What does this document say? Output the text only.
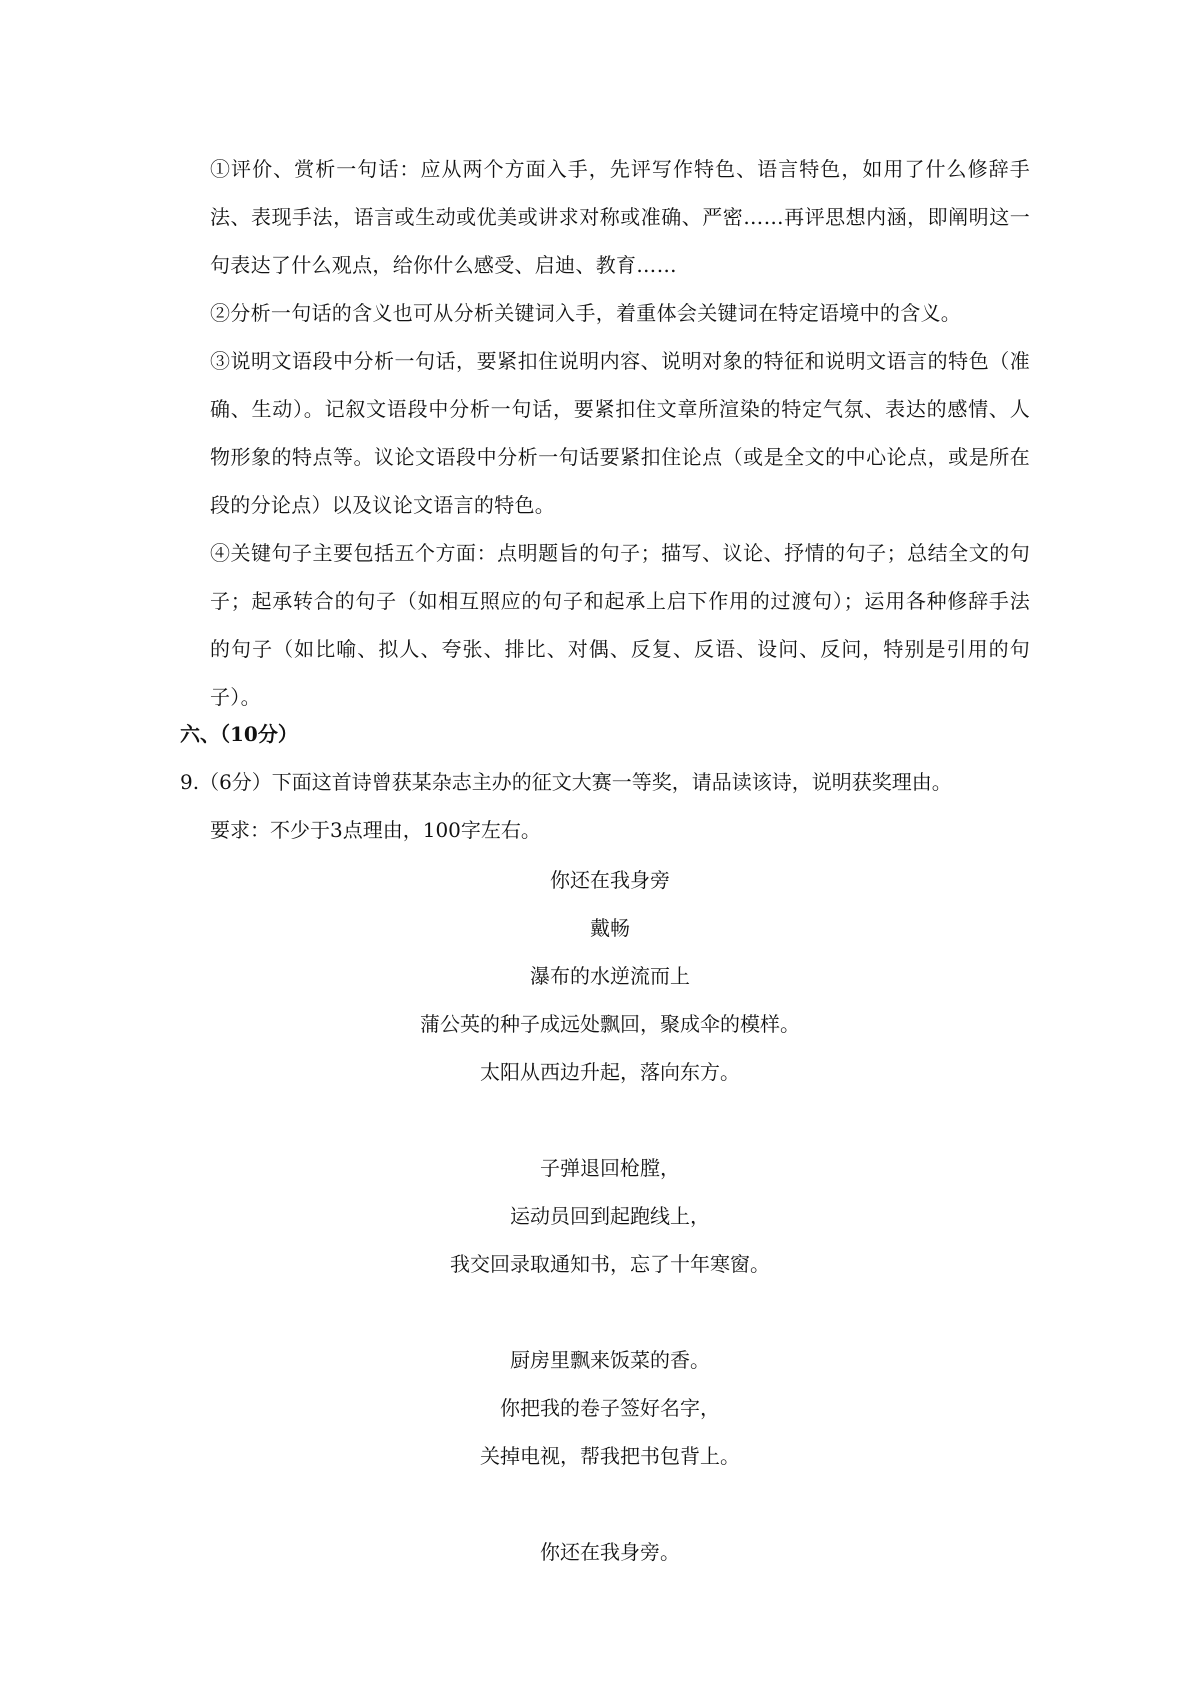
①评价、赏析一句话：应从两个方面入手，先评写作特色、语言特色，如用了什么修辞手法、表现手法，语言或生动或优美或讲求对称或准确、严密……再评思想内涵，即阐明这一句表达了什么观点，给你什么感受、启迪、教育……

②分析一句话的含义也可从分析关键词入手，着重体会关键词在特定语境中的含义。

③说明文语段中分析一句话，要紧扣住说明内容、说明对象的特征和说明文语言的特色（准确、生动）。记叙文语段中分析一句话，要紧扣住文章所渲染的特定气氛、表达的感情、人物形象的特点等。议论文语段中分析一句话要紧扣住论点（或是全文的中心论点，或是所在段的分论点）以及议论文语言的特色。

④关键句子主要包括五个方面：点明题旨的句子；描写、议论、抒情的句子；总结全文的句子；起承转合的句子（如相互照应的句子和起承上启下作用的过渡句）；运用各种修辞手法的句子（如比喻、拟人、夸张、排比、对偶、反复、反语、设问、反问，特别是引用的句子）。

六、（10分）

9.（6分）下面这首诗曾获某杂志主办的征文大赛一等奖，请品读该诗，说明获奖理由。

要求：不少于3点理由，100字左右。

你还在我身旁

戴畅

瀑布的水逆流而上

蒲公英的种子成远处飘回，聚成伞的模样。

太阳从西边升起，落向东方。

子弹退回枪膛，

运动员回到起跑线上，

我交回录取通知书，忘了十年寒窗。

厨房里飘来饭菜的香。

你把我的卷子签好名字，

关掉电视，帮我把书包背上。

你还在我身旁。
